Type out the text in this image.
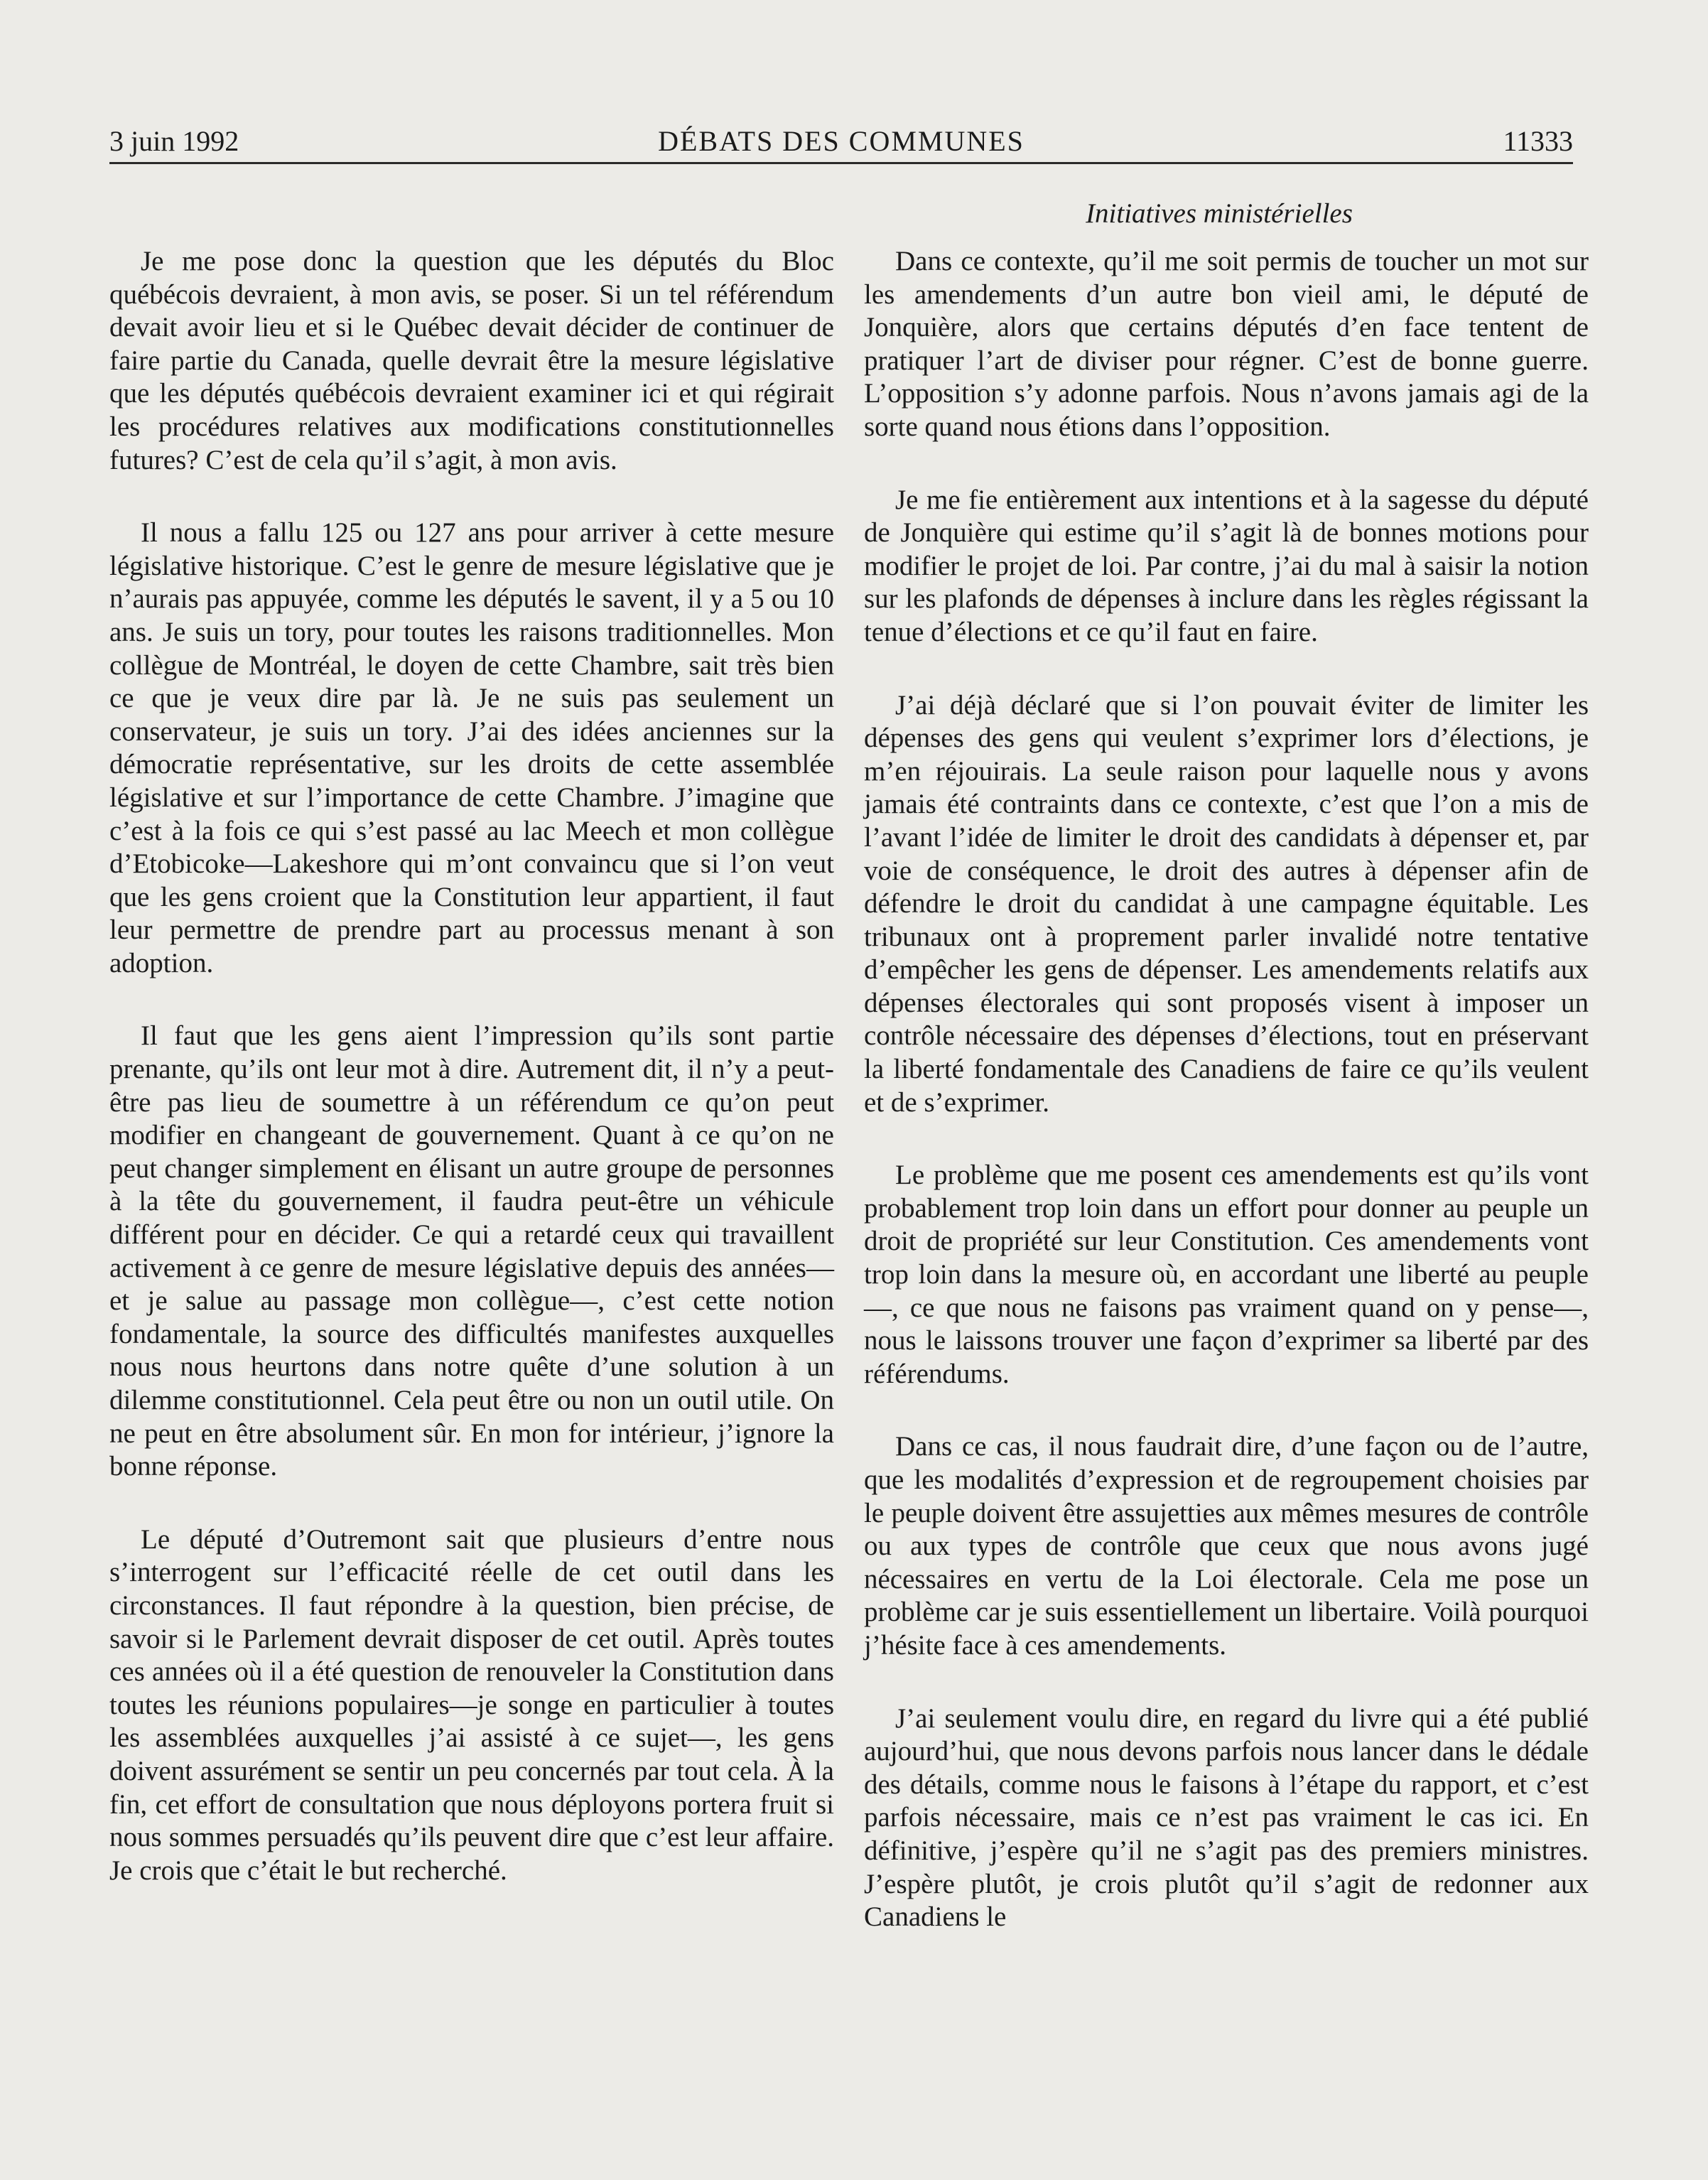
3 juin 1992	DÉBATS DES COMMUNES	11333
Initiatives ministérielles

Je me pose donc la question que les députés du Bloc québécois devraient, à mon avis, se poser. Si un tel référendum devait avoir lieu et si le Québec devait décider de continuer de faire partie du Canada, quelle devrait être la mesure législative que les députés québécois devraient examiner ici et qui régirait les procédures relatives aux modifications constitutionnelles futures? C’est de cela qu’il s’agit, à mon avis.

Il nous a fallu 125 ou 127 ans pour arriver à cette mesure législative historique. C’est le genre de mesure législative que je n’aurais pas appuyée, comme les députés le savent, il y a 5 ou 10 ans. Je suis un tory, pour toutes les raisons traditionnelles. Mon collègue de Montréal, le doyen de cette Chambre, sait très bien ce que je veux dire par là. Je ne suis pas seulement un conservateur, je suis un tory. J’ai des idées anciennes sur la démocratie représentative, sur les droits de cette assemblée législative et sur l’importance de cette Chambre. J’imagine que c’est à la fois ce qui s’est passé au lac Meech et mon collègue d’Etobicoke—Lakeshore qui m’ont convaincu que si l’on veut que les gens croient que la Constitution leur appartient, il faut leur permettre de prendre part au processus menant à son adoption.

Il faut que les gens aient l’impression qu’ils sont partie prenante, qu’ils ont leur mot à dire. Autrement dit, il n’y a peut-être pas lieu de soumettre à un référendum ce qu’on peut modifier en changeant de gouvernement. Quant à ce qu’on ne peut changer simplement en élisant un autre groupe de personnes à la tête du gouvernement, il faudra peut-être un véhicule différent pour en décider. Ce qui a retardé ceux qui travaillent activement à ce genre de mesure législative depuis des années—et je salue au passage mon collègue—, c’est cette notion fondamentale, la source des difficultés manifestes auxquelles nous nous heurtons dans notre quête d’une solution à un dilemme constitutionnel. Cela peut être ou non un outil utile. On ne peut en être absolument sûr. En mon for intérieur, j’ignore la bonne réponse.

Le député d’Outremont sait que plusieurs d’entre nous s’interrogent sur l’efficacité réelle de cet outil dans les circonstances. Il faut répondre à la question, bien précise, de savoir si le Parlement devrait disposer de cet outil. Après toutes ces années où il a été question de renouveler la Constitution dans toutes les réunions populaires—je songe en particulier à toutes les assemblées auxquelles j’ai assisté à ce sujet—, les gens doivent assurément se sentir un peu concernés par tout cela. À la fin, cet effort de consultation que nous déployons portera fruit si nous sommes persuadés qu’ils peuvent dire que c’est leur affaire. Je crois que c’était le but recherché.

Dans ce contexte, qu’il me soit permis de toucher un mot sur les amendements d’un autre bon vieil ami, le député de Jonquière, alors que certains députés d’en face tentent de pratiquer l’art de diviser pour régner. C’est de bonne guerre. L’opposition s’y adonne parfois. Nous n’avons jamais agi de la sorte quand nous étions dans l’opposition.

Je me fie entièrement aux intentions et à la sagesse du député de Jonquière qui estime qu’il s’agit là de bonnes motions pour modifier le projet de loi. Par contre, j’ai du mal à saisir la notion sur les plafonds de dépenses à inclure dans les règles régissant la tenue d’élections et ce qu’il faut en faire.

J’ai déjà déclaré que si l’on pouvait éviter de limiter les dépenses des gens qui veulent s’exprimer lors d’élections, je m’en réjouirais. La seule raison pour laquelle nous y avons jamais été contraints dans ce contexte, c’est que l’on a mis de l’avant l’idée de limiter le droit des candidats à dépenser et, par voie de conséquence, le droit des autres à dépenser afin de défendre le droit du candidat à une campagne équitable. Les tribunaux ont à proprement parler invalidé notre tentative d’empêcher les gens de dépenser. Les amendements relatifs aux dépenses électorales qui sont proposés visent à imposer un contrôle nécessaire des dépenses d’élections, tout en préservant la liberté fondamentale des Canadiens de faire ce qu’ils veulent et de s’exprimer.

Le problème que me posent ces amendements est qu’ils vont probablement trop loin dans un effort pour donner au peuple un droit de propriété sur leur Constitution. Ces amendements vont trop loin dans la mesure où, en accordant une liberté au peuple—, ce que nous ne faisons pas vraiment quand on y pense—, nous le laissons trouver une façon d’exprimer sa liberté par des référendums.

Dans ce cas, il nous faudrait dire, d’une façon ou de l’autre, que les modalités d’expression et de regroupement choisies par le peuple doivent être assujetties aux mêmes mesures de contrôle ou aux types de contrôle que ceux que nous avons jugé nécessaires en vertu de la Loi électorale. Cela me pose un problème car je suis essentiellement un libertaire. Voilà pourquoi j’hésite face à ces amendements.

J’ai seulement voulu dire, en regard du livre qui a été publié aujourd’hui, que nous devons parfois nous lancer dans le dédale des détails, comme nous le faisons à l’étape du rapport, et c’est parfois nécessaire, mais ce n’est pas vraiment le cas ici. En définitive, j’espère qu’il ne s’agit pas des premiers ministres. J’espère plutôt, je crois plutôt qu’il s’agit de redonner aux Canadiens le
